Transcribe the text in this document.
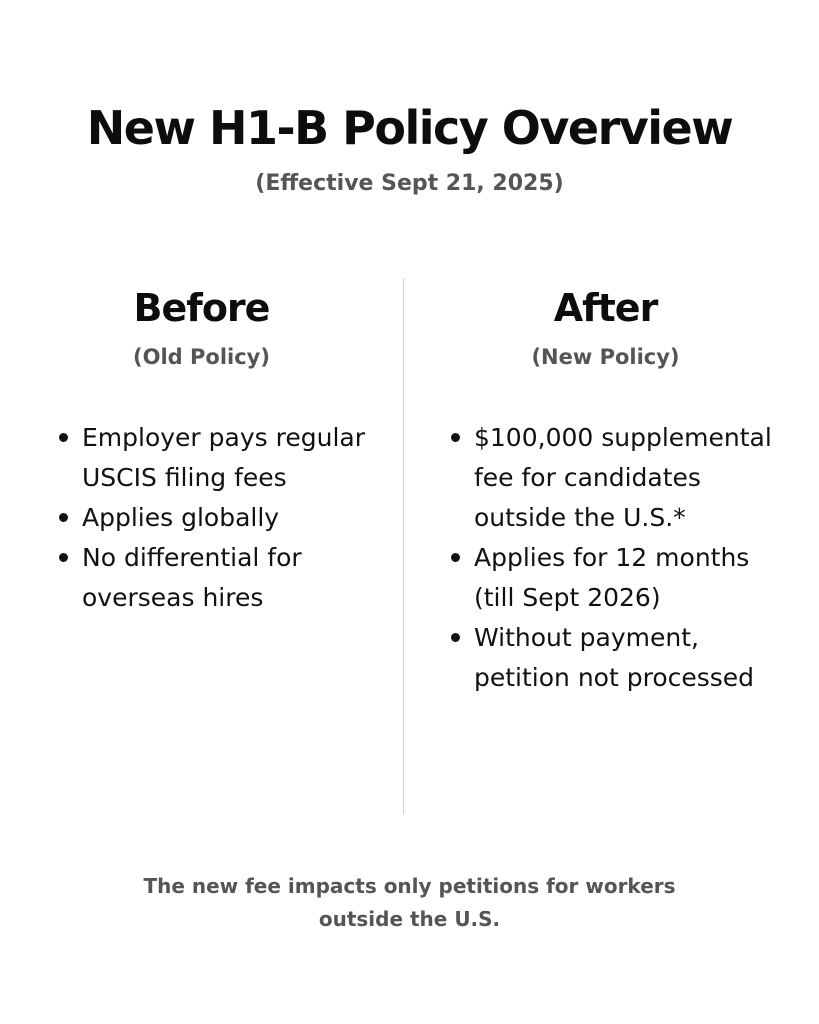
New H1-B Policy Overview
(Effective Sept 21, 2025)
Before
(Old Policy)
Employer pays regular USCIS filing fees
Applies globally
No differential for overseas hires
After
(New Policy)
$100,000 supplemental fee for candidates outside the U.S.*
Applies for 12 months (till Sept 2026)
Without payment, petition not processed
The new fee impacts only petitions for workers
outside the U.S.
